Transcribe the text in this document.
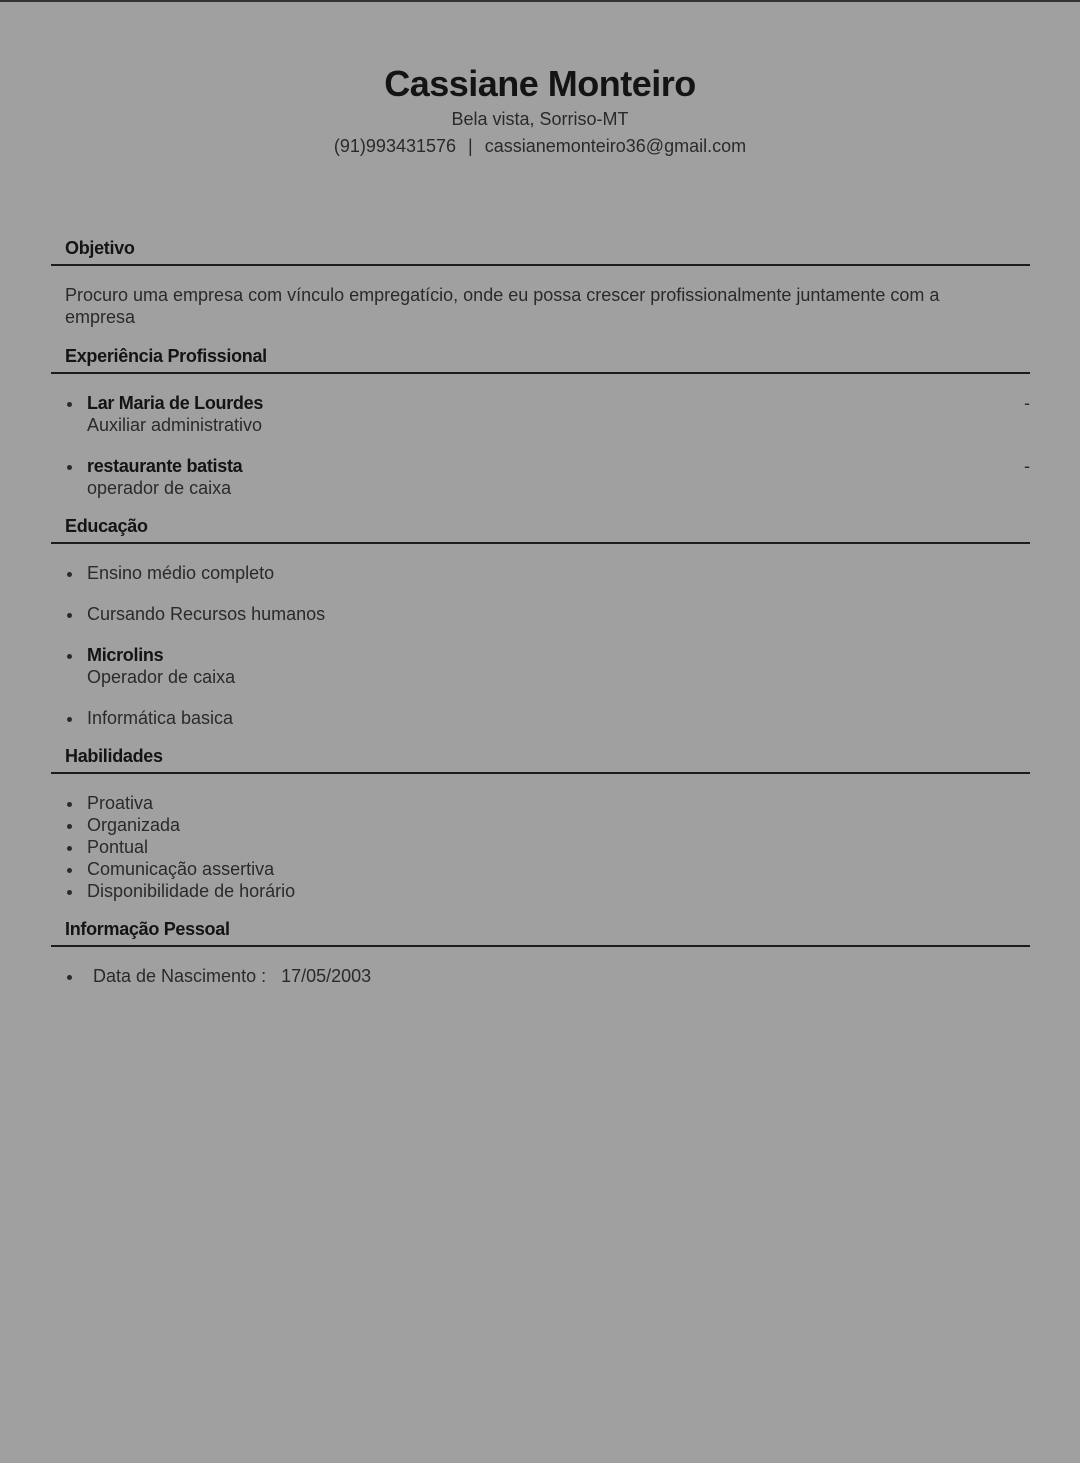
Cassiane Monteiro
Bela vista, Sorriso-MT
(91)993431576 | cassianemonteiro36@gmail.com
Objetivo
Procuro uma empresa com vínculo empregatício, onde eu possa crescer profissionalmente juntamente com a empresa
Experiência Profissional
Lar Maria de Lourdes
Auxiliar administrativo
-
restaurante batista
operador de caixa
-
Educação
Ensino médio completo
Cursando Recursos humanos
Microlins
Operador de caixa
Informática basica
Habilidades
Proativa
Organizada
Pontual
Comunicação assertiva
Disponibilidade de horário
Informação Pessoal
Data de Nascimento : 17/05/2003
